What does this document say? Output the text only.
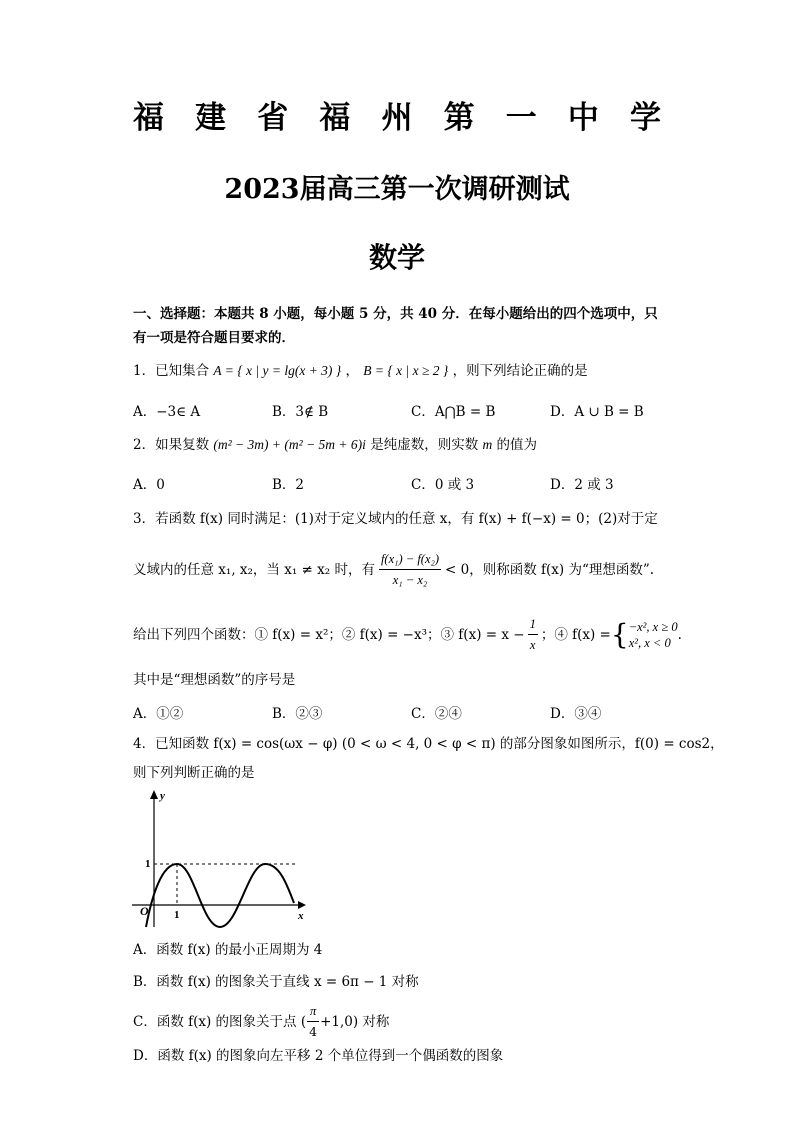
福 建 省 福 州 第 一 中 学
2023届高三第一次调研测试
数学
一、选择题：本题共 8 小题，每小题 5 分，共 40 分．在每小题给出的四个选项中，只有一项是符合题目要求的．
1．已知集合 A = { x | y = lg(x + 3) } ， B = { x | x ≥ 2 } ，则下列结论正确的是
A．−3∈ A	B．3∉ B	C．A⋂B = B	D．A ∪ B = B
2．如果复数 (m² − 3m) + (m² − 5m + 6)i 是纯虚数，则实数 m 的值为
A．0	B．2	C．0 或 3	D．2 或 3
3．若函数 f(x) 同时满足：(1)对于定义域内的任意 x，有 f(x) + f(−x) = 0；(2)对于定
义域内的任意 x₁, x₂，当 x₁ ≠ x₂ 时，有 $\frac{\text{f(x₁) − f(x₂)}}{\text{x₁ − x₂}} < 0$，则称函数 f(x) 为“理想函数”.
给出下列四个函数：① f(x) = x²；② f(x) = −x³；③ $f(x) = x - \frac{1}{x}$ ；④ f(x) = { −x², x ≥ 0
x², x < 0 .
其中是“理想函数”的序号是
A．①②	B．②③	C．②④	D．③④
4．已知函数 f(x) = cos(ωx − φ) (0 < ω < 4, 0 < φ < π) 的部分图象如图所示，f(0) = cos2，
则下列判断正确的是
y
x
O
1
1
A．函数 f(x) 的最小正周期为 4
B．函数 f(x) 的图象关于直线 x = 6π − 1 对称
C．函数 f(x) 的图象关于点 ( $\frac{\pi}{4} +1,0$) 对称
D．函数 f(x) 的图象向左平移 2 个单位得到一个偶函数的图象
